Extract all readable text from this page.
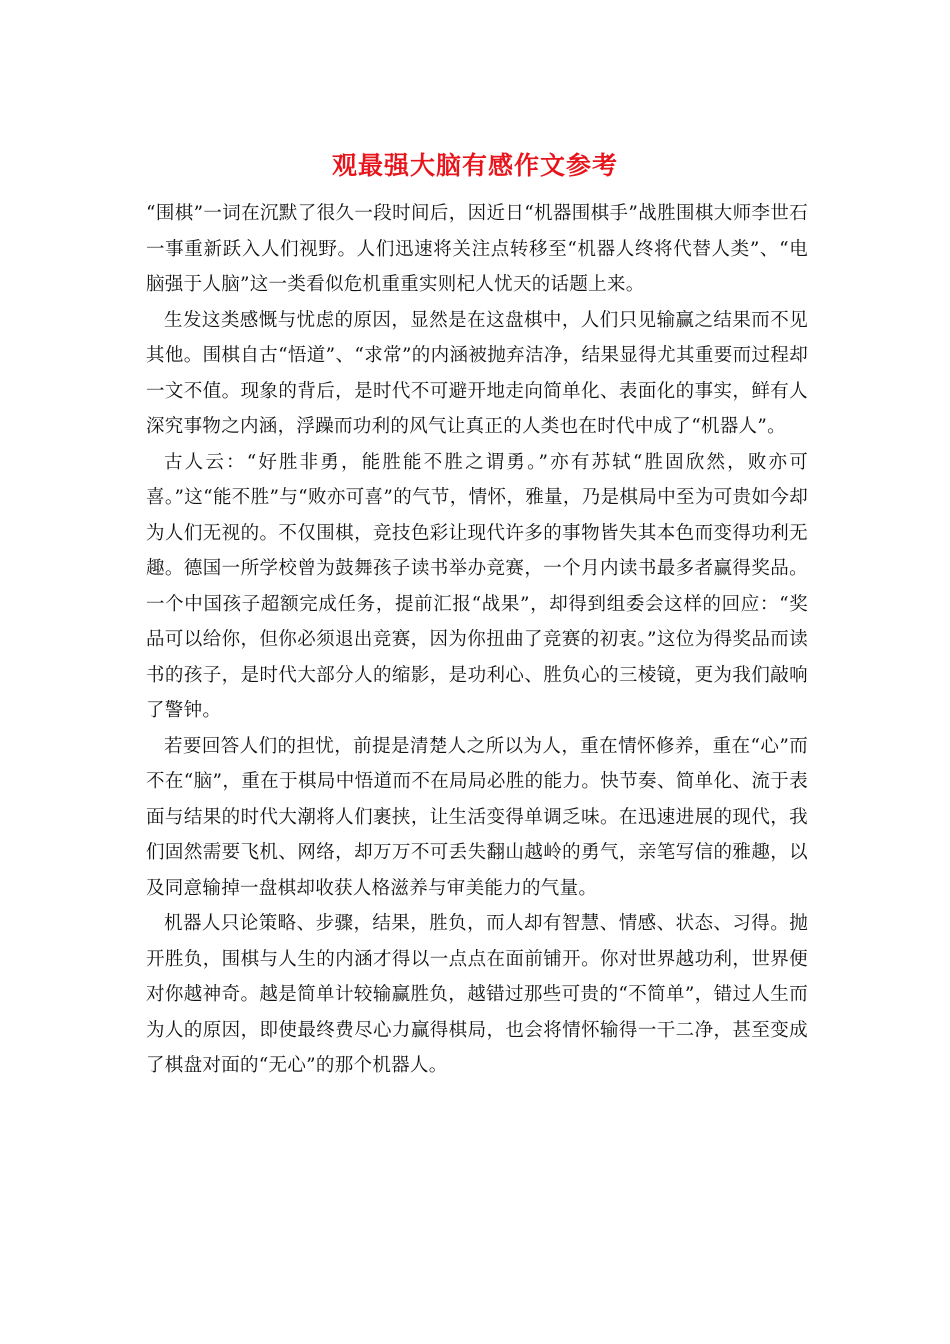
观最强大脑有感作文参考

“围棋”一词在沉默了很久一段时间后，因近日“机器围棋手”战胜围棋大师李世石一事重新跃入人们视野。人们迅速将关注点转移至“机器人终将代替人类”、“电脑强于人脑”这一类看似危机重重实则杞人忧天的话题上来。

生发这类感慨与忧虑的原因，显然是在这盘棋中，人们只见输赢之结果而不见其他。围棋自古“悟道”、“求常”的内涵被抛弃洁净，结果显得尤其重要而过程却一文不值。现象的背后，是时代不可避开地走向简单化、表面化的事实，鲜有人深究事物之内涵，浮躁而功利的风气让真正的人类也在时代中成了“机器人”。

古人云：“好胜非勇，能胜能不胜之谓勇。”亦有苏轼“胜固欣然，败亦可喜。”这“能不胜”与“败亦可喜”的气节，情怀，雅量，乃是棋局中至为可贵如今却为人们无视的。不仅围棋，竞技色彩让现代许多的事物皆失其本色而变得功利无趣。德国一所学校曾为鼓舞孩子读书举办竞赛，一个月内读书最多者赢得奖品。一个中国孩子超额完成任务，提前汇报“战果”，却得到组委会这样的回应：“奖品可以给你，但你必须退出竞赛，因为你扭曲了竞赛的初衷。”这位为得奖品而读书的孩子，是时代大部分人的缩影，是功利心、胜负心的三棱镜，更为我们敲响了警钟。

若要回答人们的担忧，前提是清楚人之所以为人，重在情怀修养，重在“心”而不在“脑”，重在于棋局中悟道而不在局局必胜的能力。快节奏、简单化、流于表面与结果的时代大潮将人们裹挟，让生活变得单调乏味。在迅速进展的现代，我们固然需要飞机、网络，却万万不可丢失翻山越岭的勇气，亲笔写信的雅趣，以及同意输掉一盘棋却收获人格滋养与审美能力的气量。

机器人只论策略、步骤，结果，胜负，而人却有智慧、情感、状态、习得。抛开胜负，围棋与人生的内涵才得以一点点在面前铺开。你对世界越功利，世界便对你越神奇。越是简单计较输赢胜负，越错过那些可贵的“不简单”，错过人生而为人的原因，即使最终费尽心力赢得棋局，也会将情怀输得一干二净，甚至变成了棋盘对面的“无心”的那个机器人。
